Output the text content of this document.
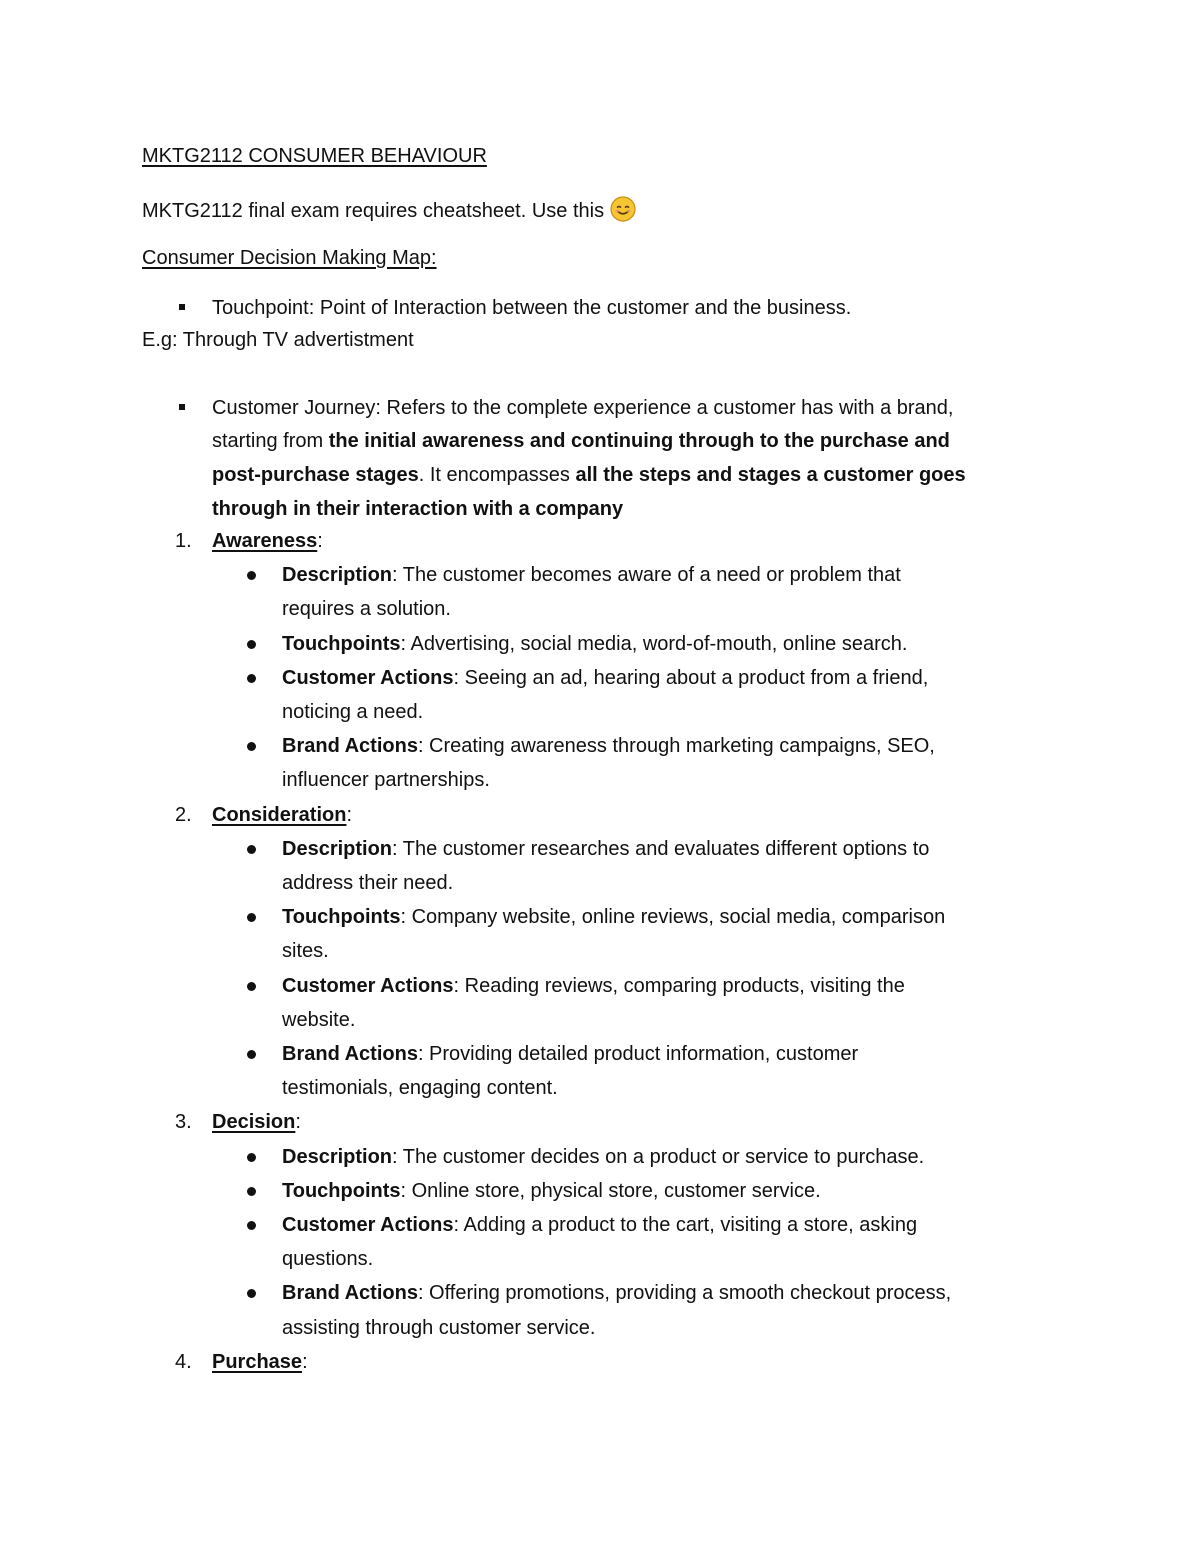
MKTG2112 CONSUMER BEHAVIOUR
MKTG2112 final exam requires cheatsheet. Use this
Consumer Decision Making Map:
Touchpoint: Point of Interaction between the customer and the business.
E.g: Through TV advertistment
Customer Journey: Refers to the complete experience a customer has with a brand,
starting from the initial awareness and continuing through to the purchase and
post-purchase stages. It encompasses all the steps and stages a customer goes
through in their interaction with a company
1. Awareness:
Description: The customer becomes aware of a need or problem that
requires a solution.
Touchpoints: Advertising, social media, word-of-mouth, online search.
Customer Actions: Seeing an ad, hearing about a product from a friend,
noticing a need.
Brand Actions: Creating awareness through marketing campaigns, SEO,
influencer partnerships.
2. Consideration:
Description: The customer researches and evaluates different options to
address their need.
Touchpoints: Company website, online reviews, social media, comparison
sites.
Customer Actions: Reading reviews, comparing products, visiting the
website.
Brand Actions: Providing detailed product information, customer
testimonials, engaging content.
3. Decision:
Description: The customer decides on a product or service to purchase.
Touchpoints: Online store, physical store, customer service.
Customer Actions: Adding a product to the cart, visiting a store, asking
questions.
Brand Actions: Offering promotions, providing a smooth checkout process,
assisting through customer service.
4. Purchase:
